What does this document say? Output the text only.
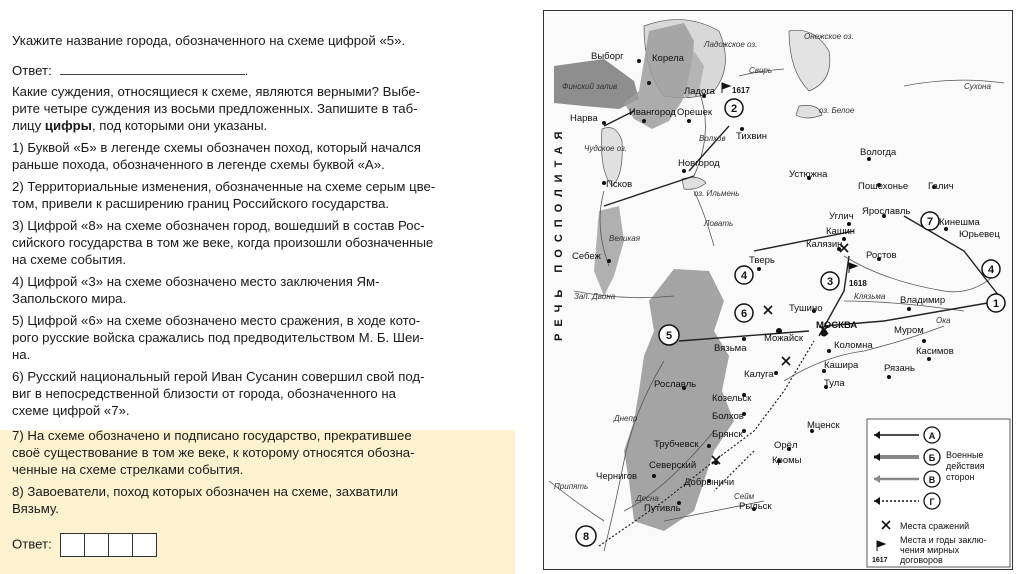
Укажите название города, обозначенного на схеме цифрой «5».
Ответ:	.
Какие суждения, относящиеся к схеме, являются верными? Выбе-
рите четыре суждения из восьми предложенных. Запишите в таб-
лицу цифры, под которыми они указаны.
1) Буквой «Б» в легенде схемы обозначен поход, который начался
раньше похода, обозначенного в легенде схемы буквой «А».
2) Территориальные изменения, обозначенные на схеме серым цве-
том, привели к расширению границ Российского государства.
3) Цифрой «8» на схеме обозначен город, вошедший в состав Рос-
сийского государства в том же веке, когда произошли обозначенные
на схеме события.
4) Цифрой «3» на схеме обозначено место заключения Ям-
Запольского мира.
5) Цифрой «6» на схеме обозначено место сражения, в ходе кото-
рого русские войска сражались под предводительством М. Б. Шеи-
на.
6) Русский национальный герой Иван Сусанин совершил свой под-
виг в непосредственной близости от города, обозначенного на
схеме цифрой «7».
7) На схеме обозначено и подписано государство, прекратившее
своё существование в том же веке, к которому относятся обозна-
ченные на схеме стрелками события.
8) Завоеватели, поход которых обозначен на схеме, захватили
Вязьму.
Ответ:
Выборг	Корела
Ладога
Нарва
Ивангород Орешек
Тихвин
Новгород
Псков
Себеж
Вологда
Устюжна
Пошехонье Галич
Углич
Кашин
Калязин
Ярославль
Кинешма
Юрьевец
Тверь	Ростов
Тушино
Владимир
Можайск
МОСКВА	Муром
Вязьма	Коломна
Касимов
Калуга
Кашира	Рязань
Тула
Рославль
Козельск
Болхов
Брянск
Мценск
Орёл
Трубчевск
Северский	Кромы
Чернигов
Добрыничи
Путивль	Рыльск
Финский залив
Ладожское оз.
Онежское оз.
Свирь
оз. Белое
Сухона
Чудское оз.
Волхов
оз. Ильмень
Ловать
Великая
Зап. Двина	Клязьма
Ока
Днепр
Десна	Сейм
Припять
1617
1618
1
2
3
4	4
5
6
7
8
РЕЧЬ ПОСПОЛИТАЯ
А
Б
В
Г
Военные
действия
сторон
Места сражений
1617
Места и годы заклю-
чения мирных
договоров
